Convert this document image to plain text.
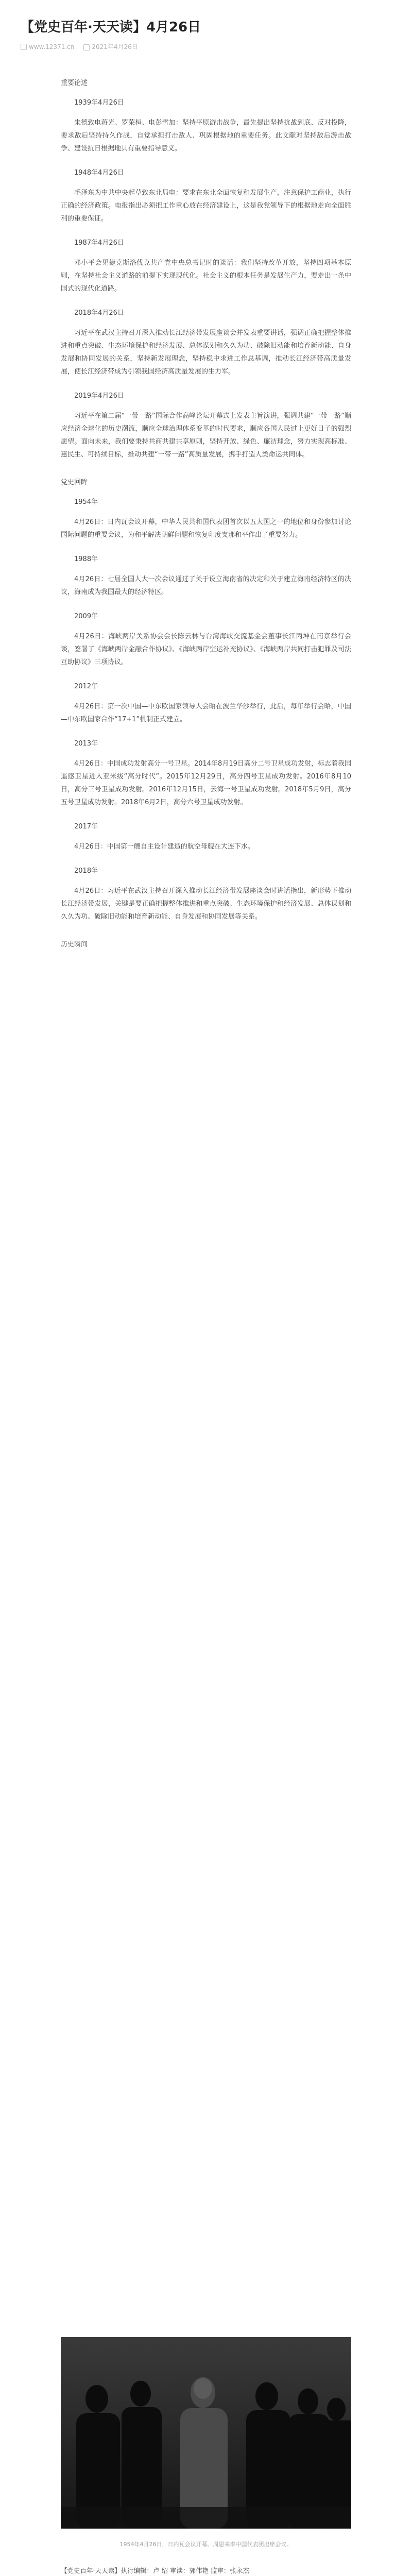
【党史百年·天天读】4月26日
www.12371.cn	2021年4月26日

重要论述

1939年4月26日

朱德致电蒋光、罗荣桓、电彭雪加：坚持平原游击战争，最先提出坚持抗战到底、反对投降，要求敌后坚持持久作战，自觉承担打击敌人、巩固根据地的重要任务。此文献对坚持敌后游击战争、建设抗日根据地具有重要指导意义。

1948年4月26日

毛泽东为中共中央起草致东北局电：要求在东北全面恢复和发展生产，注意保护工商业，执行正确的经济政策。电报指出必须把工作重心放在经济建设上，这是我党领导下的根据地走向全面胜利的重要保证。

1987年4月26日

邓小平会见捷克斯洛伐克共产党中央总书记时的谈话：我们坚持改革开放，坚持四项基本原则，在坚持社会主义道路的前提下实现现代化。社会主义的根本任务是发展生产力，要走出一条中国式的现代化道路。

2018年4月26日

习近平在武汉主持召开深入推动长江经济带发展座谈会并发表重要讲话，强调正确把握整体推进和重点突破、生态环境保护和经济发展、总体谋划和久久为功、破除旧动能和培育新动能、自身发展和协同发展的关系，坚持新发展理念，坚持稳中求进工作总基调，推动长江经济带高质量发展，使长江经济带成为引领我国经济高质量发展的生力军。

2019年4月26日

习近平在第二届“一带一路”国际合作高峰论坛开幕式上发表主旨演讲，强调共建“一带一路”顺应经济全球化的历史潮流，顺应全球治理体系变革的时代要求，顺应各国人民过上更好日子的强烈愿望。面向未来，我们要秉持共商共建共享原则，坚持开放、绿色、廉洁理念，努力实现高标准、惠民生、可持续目标，推动共建“一带一路”高质量发展，携手打造人类命运共同体。

党史回眸

1954年

4月26日：日内瓦会议开幕，中华人民共和国代表团首次以五大国之一的地位和身份参加讨论国际问题的重要会议，为和平解决朝鲜问题和恢复印度支那和平作出了重要努力。

1988年

4月26日：七届全国人大一次会议通过了关于设立海南省的决定和关于建立海南经济特区的决议，海南成为我国最大的经济特区。

2009年

4月26日：海峡两岸关系协会会长陈云林与台湾海峡交流基金会董事长江丙坤在南京举行会谈，签署了《海峡两岸金融合作协议》、《海峡两岸空运补充协议》、《海峡两岸共同打击犯罪及司法互助协议》三项协议。

2012年

4月26日：第一次中国—中东欧国家领导人会晤在波兰华沙举行，此后，每年举行会晤，中国—中东欧国家合作“17+1”机制正式建立。

2013年

4月26日：中国成功发射高分一号卫星。2014年8月19日高分二号卫星成功发射，标志着我国遥感卫星进入亚米级“高分时代”。2015年12月29日，高分四号卫星成功发射。2016年8月10日，高分三号卫星成功发射。2016年12月15日，云海一号卫星成功发射。2018年5月9日，高分五号卫星成功发射。2018年6月2日，高分六号卫星成功发射。

2017年

4月26日：中国第一艘自主设计建造的航空母舰在大连下水。

2018年

4月26日：习近平在武汉主持召开深入推动长江经济带发展座谈会时讲话指出，新形势下推动长江经济带发展，关键是要正确把握整体推进和重点突破、生态环境保护和经济发展、总体谋划和久久为功、破除旧动能和培育新动能、自身发展和协同发展等关系。

历史瞬间

1954年4月26日，日内瓦会议开幕。周恩来率中国代表团出席会议。
【党史百年·天天读】执行编辑：卢 绍 审读：郭伟艳 监审：张永杰
